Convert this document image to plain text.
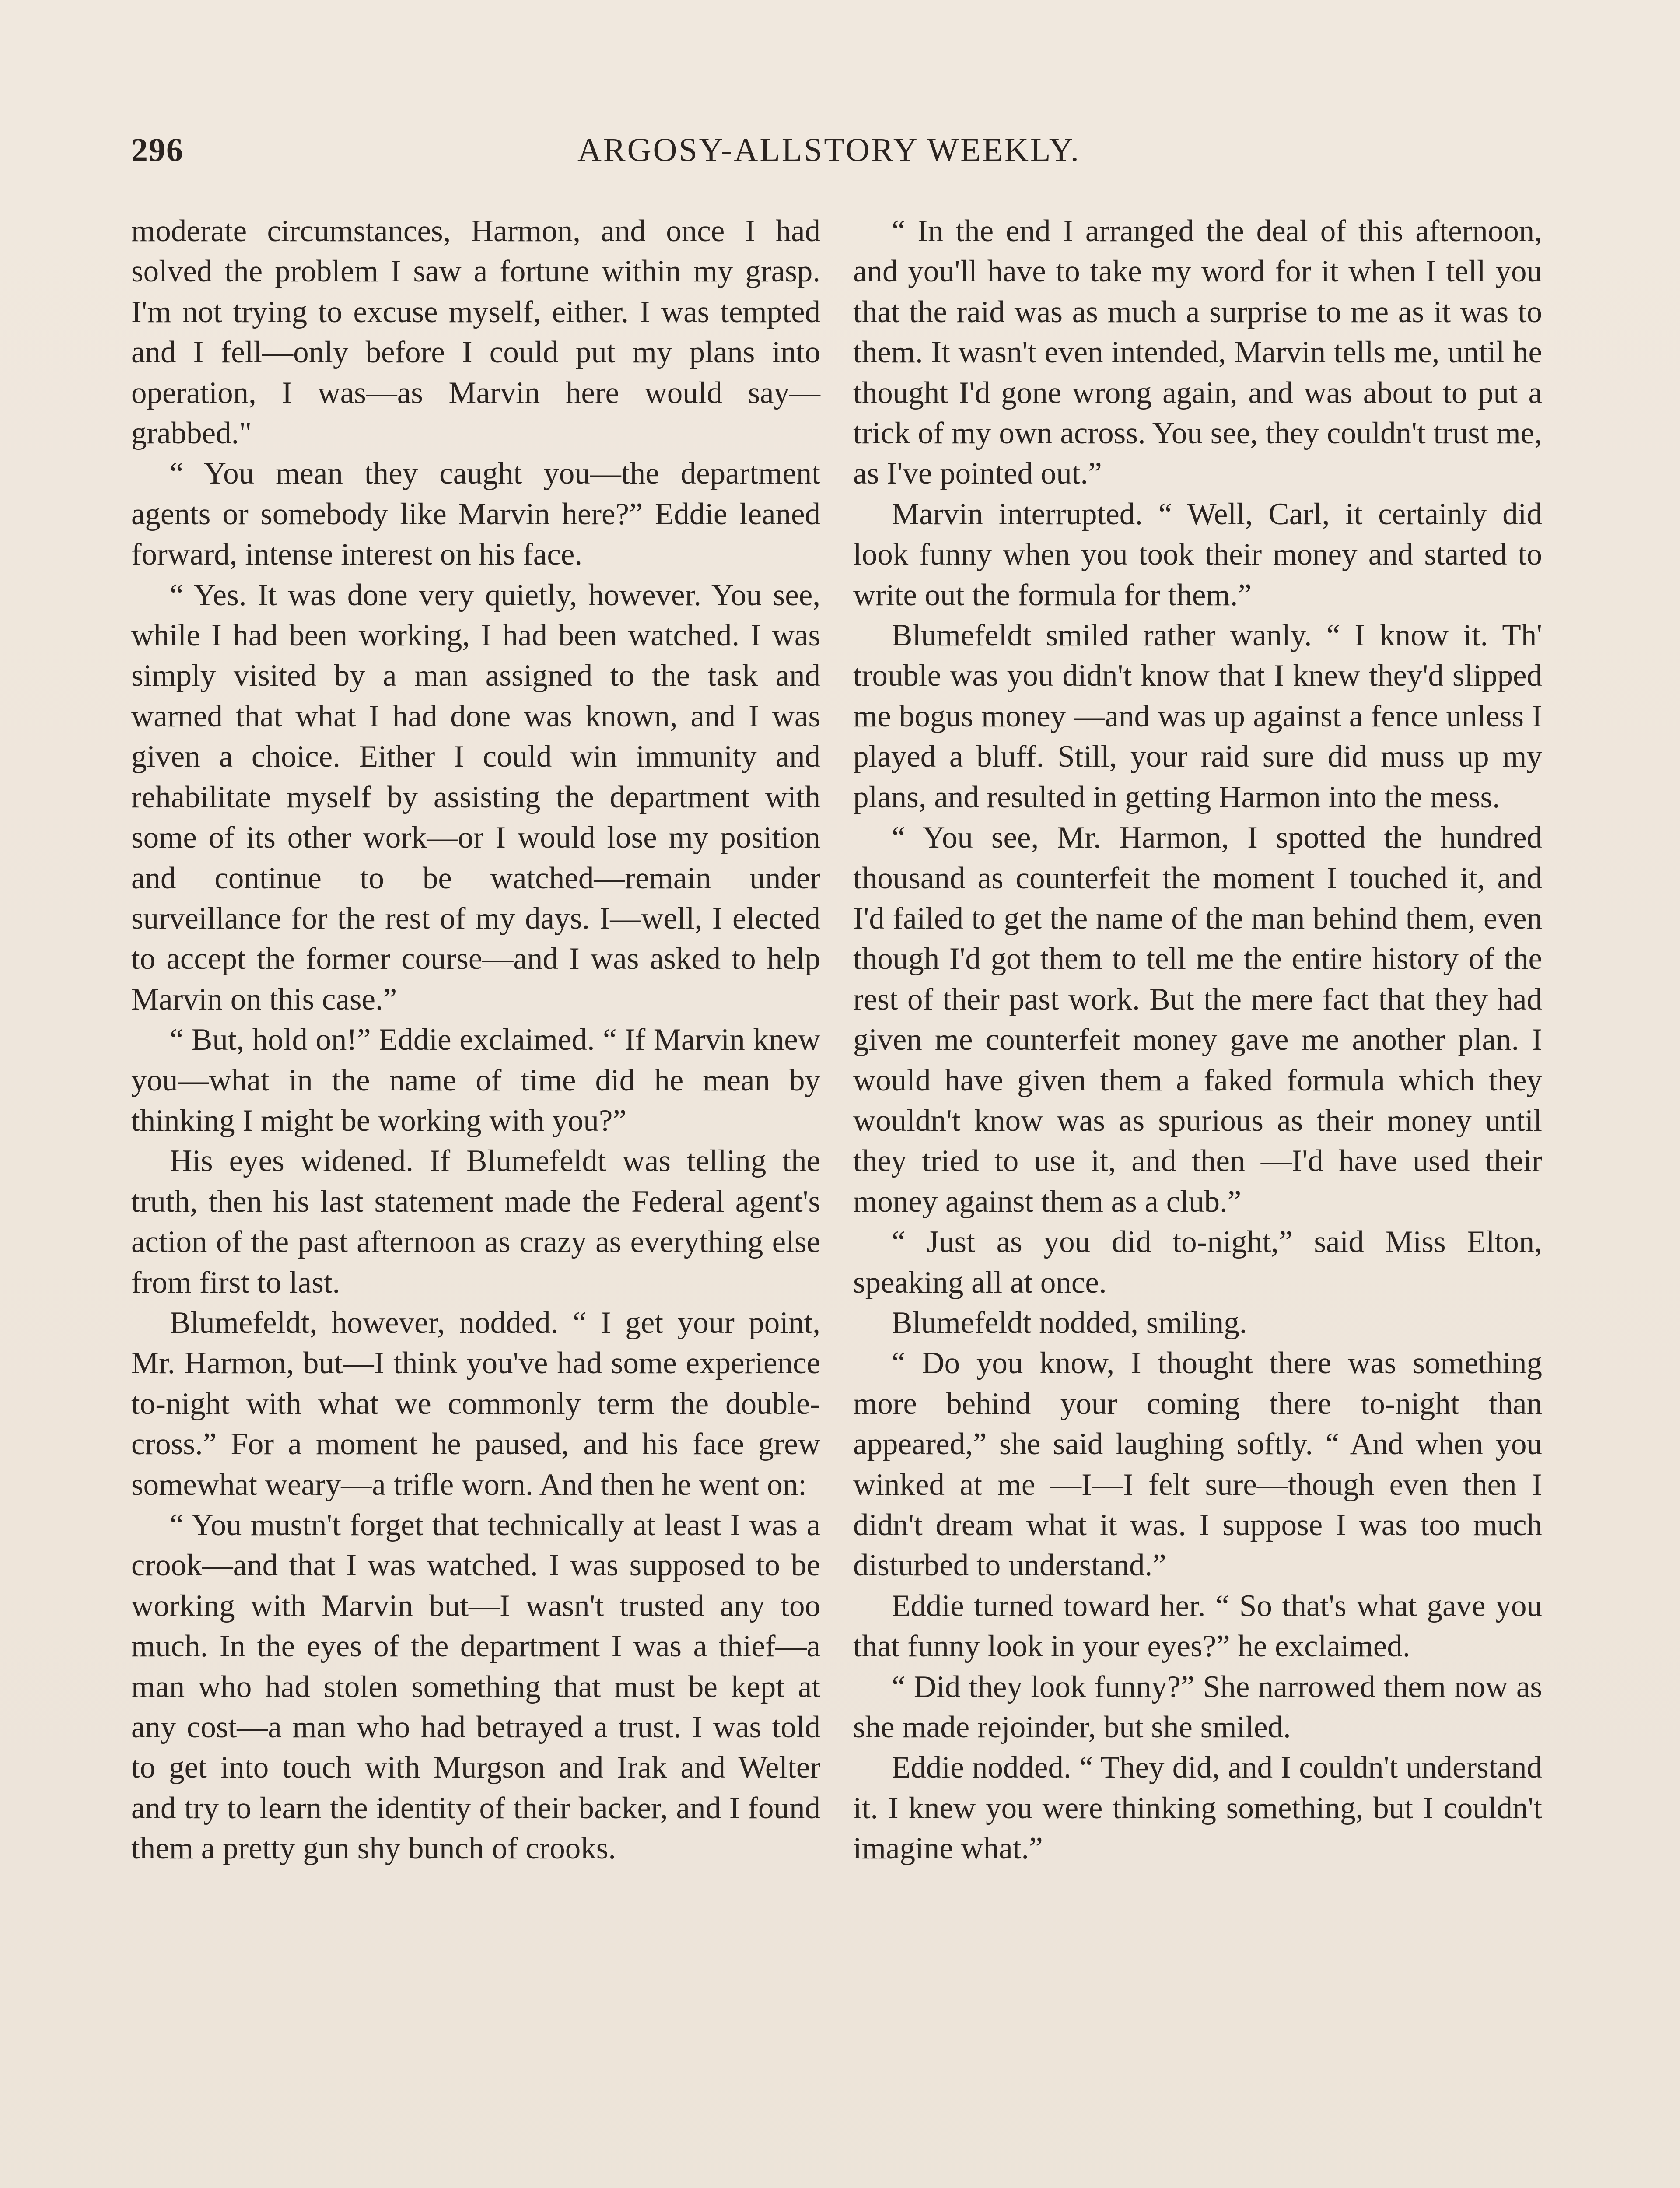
296	ARGOSY-ALLSTORY WEEKLY.

moderate circumstances, Harmon, and once I had solved the problem I saw a fortune within my grasp. I'm not trying to excuse myself, either. I was tempted and I fell—only before I could put my plans into operation, I was—as Marvin here would say—grabbed."

“ You mean they caught you—the department agents or somebody like Marvin here?” Eddie leaned forward, intense interest on his face.

“ Yes. It was done very quietly, however. You see, while I had been working, I had been watched. I was simply visited by a man assigned to the task and warned that what I had done was known, and I was given a choice. Either I could win immunity and rehabilitate myself by assisting the department with some of its other work—or I would lose my position and continue to be watched—remain under surveillance for the rest of my days. I—well, I elected to accept the former course—and I was asked to help Marvin on this case.”

“ But, hold on!” Eddie exclaimed. “ If Marvin knew you—what in the name of time did he mean by thinking I might be working with you?”

His eyes widened. If Blumefeldt was telling the truth, then his last statement made the Federal agent's action of the past afternoon as crazy as everything else from first to last.

Blumefeldt, however, nodded. “ I get your point, Mr. Harmon, but—I think you've had some experience to-night with what we commonly term the double-cross.” For a moment he paused, and his face grew somewhat weary—a trifle worn. And then he went on:

“ You mustn't forget that technically at least I was a crook—and that I was watched. I was supposed to be working with Marvin but—I wasn't trusted any too much. In the eyes of the department I was a thief—a man who had stolen something that must be kept at any cost—a man who had betrayed a trust. I was told to get into touch with Murgson and Irak and Welter and try to learn the identity of their backer, and I found them a pretty gun shy bunch of crooks.

“ In the end I arranged the deal of this afternoon, and you'll have to take my word for it when I tell you that the raid was as much a surprise to me as it was to them. It wasn't even intended, Marvin tells me, until he thought I'd gone wrong again, and was about to put a trick of my own across. You see, they couldn't trust me, as I've pointed out.”

Marvin interrupted. “ Well, Carl, it certainly did look funny when you took their money and started to write out the formula for them.”

Blumefeldt smiled rather wanly. “ I know it. Th' trouble was you didn't know that I knew they'd slipped me bogus money —and was up against a fence unless I played a bluff. Still, your raid sure did muss up my plans, and resulted in getting Harmon into the mess.

“ You see, Mr. Harmon, I spotted the hundred thousand as counterfeit the moment I touched it, and I'd failed to get the name of the man behind them, even though I'd got them to tell me the entire history of the rest of their past work. But the mere fact that they had given me counterfeit money gave me another plan. I would have given them a faked formula which they wouldn't know was as spurious as their money until they tried to use it, and then —I'd have used their money against them as a club.”

“ Just as you did to-night,” said Miss Elton, speaking all at once.

Blumefeldt nodded, smiling.

“ Do you know, I thought there was something more behind your coming there to-night than appeared,” she said laughing softly. “ And when you winked at me —I—I felt sure—though even then I didn't dream what it was. I suppose I was too much disturbed to understand.”

Eddie turned toward her. “ So that's what gave you that funny look in your eyes?” he exclaimed.

“ Did they look funny?” She narrowed them now as she made rejoinder, but she smiled.

Eddie nodded. “ They did, and I couldn't understand it. I knew you were thinking something, but I couldn't imagine what.”
